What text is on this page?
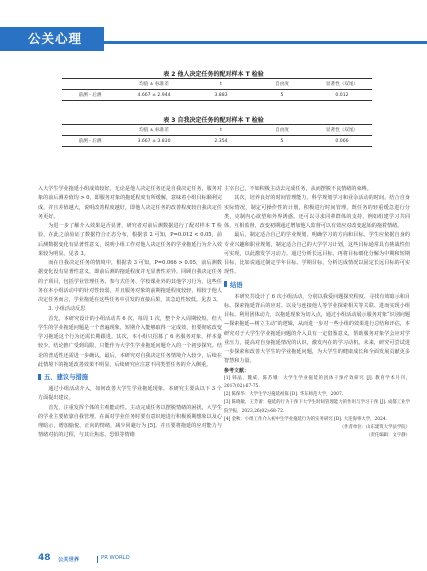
公关心理
表 2 他人决定任务的配对样本 T 检验
	均值 ± 标准差	t	自由度	显著性（双尾）
前测 - 后测	4.667 ± 2.944	3.883	5	0.012
表 3 自我决定任务的配对样本 T 检验
	均值 ± 标准差	t	自由度	显著性（双尾）
前测 - 后测	3.667 ± 3.830	2.354	5	0.066

入大学生学业拖延小组成效较好。无论是他人决定任务还是自我决定任务，服务对象的前后测差值均 > 0，即服务对象的拖延程度有所缓解，意味着小组目标顺利完成，并且差值越大，说明改善程度越好，即他人决定任务的改善程度较自我决定任务更好。

为进一步了解介入效果是否显著，研究者对前后测数据进行了配对样本 T 检验，在此之前验证了数据符合正态分布，根据表 2 可知，P=0.012 < 0.05，前后测数据变化有显著性意义，说明小组工作对他人决定任务的学业拖延行为介入效果较为明显。见表 3。

而在自我决定任务的情境中，根据表 3 可知，P=0.066 > 0.05，前后测数据变化没有显著性意义，即前后测的拖延程度并无显著性差异。回顾自我决定任务的子项目，包括学业管理任务、参与式任务、学校课业外的其他学习行为，这些任务在本小组活动中的针对性较弱，并且服务对象的前期拖延程度较轻，相较于他人决定任务而言，学业拖延在这些任务中引发的直接后果，其急迫性较低。见表 3。

3. 小组活动反思

首先，本研究设计的小组活动共 6 次，每周 1 次，整个介入周期较短。但大学生的学业拖延问题是一个普遍现象，短期介入能够取得一定成效，但要彻底改变学习拖延这个行为还需长期跟进。其次，本小组只招募了 6 名服务对象，样本量较少，结论推广受到局限，只能作为大学生学业拖延问题介入的一个初步探究。结论的普适性还需进一步确认。最后，本研究对自我决定任务情境介入较少，后续在此情境下的拖延改善效果不明显，后续研究应注意不同类型任务的介入侧重。

五、建议与措施

通过小组活动介入，如何改善大学生学业拖延现象，本研究主要从以下 3 个方面提出建议。

首先，注重发挥个体的主观能动性。主动完成任务以摆脱情绪的困扰，大学生的学业主要依靠自我管理，在面对学业任务时要有意识地进行积极预期想象以及心理暗示，增加愉悦、正向的情绪，减少回避行为 [5]。并且要将拖延的应对能力与情绪对抗的过程，与其让焦虑、恐惧等情绪

主宰自己，不如积极主动去完成任务，从而摆脱不良情绪的束缚。

其次，培养良好的时间管理能力，科学规划学习和业余活动的时间。结合自身实际情况，制定可操作性的计划，积极进行时间管理，既任务的轻重缓急进行分类，克制内心欲望和外界诱惑。还可以寻求同辈群体的支持，例如组建学习共同体，互相监督，改变初期通过增加他人监督可以有效应对改变起始的拖着情绪。

最后，制定适合自己的学业规划，明确学习的方向和目标。学生应依据自身的专业兴趣和职业规划，制定适合自己的大学学习计划，这些目标通常具有挑战性但可实现，以此激发学习动力。通过分析长远目标，再将目标细化分解为中期和短期目标，比如说通过制定学年目标、学期目标，分析达成情况以固定长远目标的可实现性。

结语

本研究共设计了 6 次小组活动，分别以我爱问题探究程度、寻找有效暗示和目标、探索拖延背后的应对、以及与连接他人等学业探索相关等关联、进而实现小组目标。利用团体动力，以拖延现象为切入点，通过小组活动展示服务对象“识别问题—探索拖延—树立主动”的逻辑，从而进一步对一些小组的效果进行总结和评估，本研究对于大学生学业拖延问题的介入具有一定借鉴意义，帮助服务对象学会应对学业压力，提高对自身拖延情况的认识，激发内在的学习动机。未来，研究可尝试进一步探索和改善大学生的学业拖延问题，为大学生的健康成长和全面发展贡献更多智慧和力量。

参考文献：
[1] 韩晶，魏威，陈苏娥：大学生学业拖延的团体干预疗效研究 [J]. 教育学术月刊，2017(02):67-75.
[2] 陈保华：大学生学习拖延初探 [D]. 华东师范大学，2007.
[3] 陈晓敏，王芳蕾：拖延的行为干预下大学生时间管理能力的作用与学习干预 [J]. 成都工业学院学报，2023,26(02):68-72.
[4] 金秋：小组工作介入初中生学业拖延行为的实务研究 [D]. 大连海事大学，2024.
（作者单位：山东建筑大学法学院）
（责任编辑：文宇静）
48 公关世界	PR WORLD
